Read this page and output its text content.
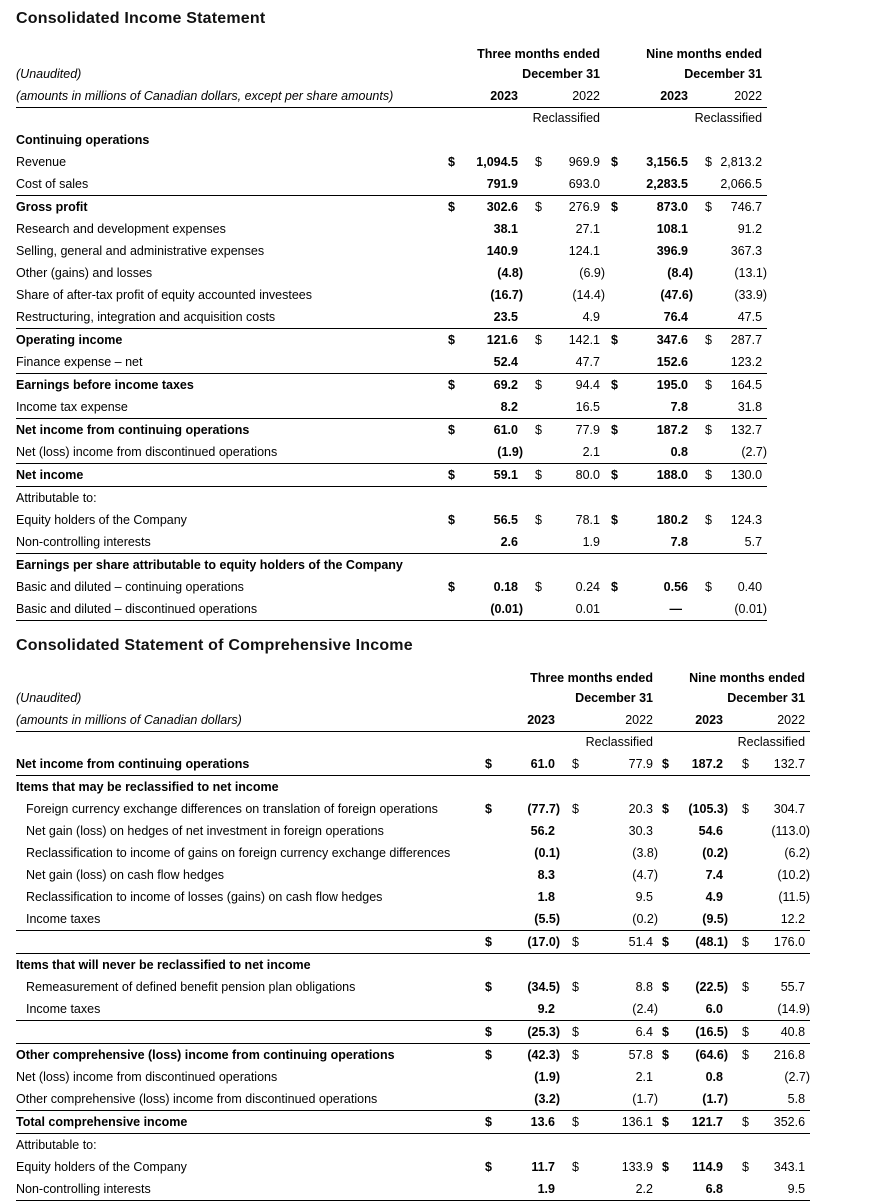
Consolidated Income Statement
	Three months ended				Nine months ended			
(Unaudited)	December 31				December 31			
(amounts in millions of Canadian dollars, except per share amounts)		2023		2022		2023		2022
			Reclassified				Reclassified	
Continuing operations								
Revenue	$	1,094.5	$	969.9	$	3,156.5	$	2,813.2
Cost of sales		791.9		693.0		2,283.5		2,066.5
Gross profit	$	302.6	$	276.9	$	873.0	$	746.7
Research and development expenses		38.1		27.1		108.1		91.2
Selling, general and administrative expenses		140.9		124.1		396.9		367.3
Other (gains) and losses		(4.8)		(6.9)		(8.4)		(13.1)
Share of after-tax profit of equity accounted investees		(16.7)		(14.4)		(47.6)		(33.9)
Restructuring, integration and acquisition costs		23.5		4.9		76.4		47.5
Operating income	$	121.6	$	142.1	$	347.6	$	287.7
Finance expense – net		52.4		47.7		152.6		123.2
Earnings before income taxes	$	69.2	$	94.4	$	195.0	$	164.5
Income tax expense		8.2		16.5		7.8		31.8
Net income from continuing operations	$	61.0	$	77.9	$	187.2	$	132.7
Net (loss) income from discontinued operations		(1.9)		2.1		0.8		(2.7)
Net income	$	59.1	$	80.0	$	188.0	$	130.0
Attributable to:								
Equity holders of the Company	$	56.5	$	78.1	$	180.2	$	124.3
Non-controlling interests		2.6		1.9		7.8		5.7
Earnings per share attributable to equity holders of the Company								
Basic and diluted – continuing operations	$	0.18	$	0.24	$	0.56	$	0.40
Basic and diluted – discontinued operations		(0.01)		0.01		—		(0.01)
Consolidated Statement of Comprehensive Income
	Three months ended				Nine months ended			
(Unaudited)	December 31				December 31			
(amounts in millions of Canadian dollars)		2023		2022		2023		2022
			Reclassified				Reclassified	
Net income from continuing operations	$	61.0	$	77.9	$	187.2	$	132.7
Items that may be reclassified to net income								
Foreign currency exchange differences on translation of foreign operations	$	(77.7)	$	20.3	$	(105.3)	$	304.7
Net gain (loss) on hedges of net investment in foreign operations		56.2		30.3		54.6		(113.0)
Reclassification to income of gains on foreign currency exchange differences		(0.1)		(3.8)		(0.2)		(6.2)
Net gain (loss) on cash flow hedges		8.3		(4.7)		7.4		(10.2)
Reclassification to income of losses (gains) on cash flow hedges		1.8		9.5		4.9		(11.5)
Income taxes		(5.5)		(0.2)		(9.5)		12.2
	$	(17.0)	$	51.4	$	(48.1)	$	176.0
Items that will never be reclassified to net income								
Remeasurement of defined benefit pension plan obligations	$	(34.5)	$	8.8	$	(22.5)	$	55.7
Income taxes		9.2		(2.4)		6.0		(14.9)
	$	(25.3)	$	6.4	$	(16.5)	$	40.8
Other comprehensive (loss) income from continuing operations	$	(42.3)	$	57.8	$	(64.6)	$	216.8
Net (loss) income from discontinued operations		(1.9)		2.1		0.8		(2.7)
Other comprehensive (loss) income from discontinued operations		(3.2)		(1.7)		(1.7)		5.8
Total comprehensive income	$	13.6	$	136.1	$	121.7	$	352.6
Attributable to:								
Equity holders of the Company	$	11.7	$	133.9	$	114.9	$	343.1
Non-controlling interests		1.9		2.2		6.8		9.5
